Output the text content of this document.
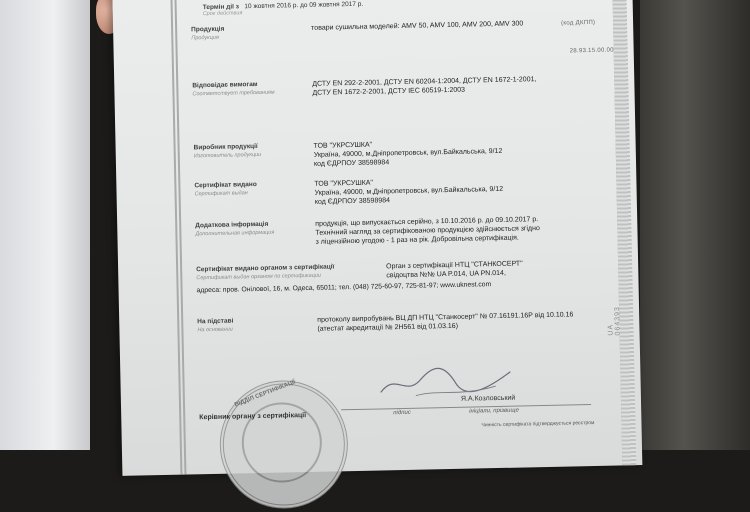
Термін дії з 10 жовтня 2016 р. до 09 жовтня 2017 р.
Срок действия
Продукція
Продукция
товари сушильна моделей: AMV 50, AMV 100, AMV 200, AMV 300	(код ДКПП)
28.93.15.00.00
Відповідає вимогам
Соответствует требованиям
ДСТУ EN 292-2-2001, ДСТУ EN 60204-1:2004, ДСТУ EN 1672-1-2001,
ДСТУ EN 1672-2-2001, ДСТУ IEC 60519-1:2003
Виробник продукції
Изготовитель продукции
ТОВ "УКРСУШКА"
Україна, 49000, м.Дніпропетровськ, вул.Байкальська, 9/12
код ЄДРПОУ 38598984
Сертифікат видано
Сертификат выдан
ТОВ "УКРСУШКА"
Україна, 49000, м.Дніпропетровськ, вул.Байкальська, 9/12
код ЄДРПОУ 38598984
Додаткова інформація
Дополнительная информация
продукція, що випускається серійно, з 10.10.2016 р. до 09.10.2017 р.
Технічний нагляд за сертифікованою продукцією здійснюється згідно
з ліцензійною угодою - 1 раз на рік. Добровільна сертифікація.
Сертифікат видано органом з сертифікації
Сертификат выдан органом по сертификации
Орган з сертифікації НТЦ "СТАНКОСЕРТ"
свідоцтва №№ UA P.014, UA PN.014,
адреса: пров. Онілової, 16, м. Одеса, 65011; тел. (048) 725-60-97, 725-81-97; www.uknest.com
На підставі
На основании
протоколу випробувань ВЦ ДП НТЦ "Станкосерт" № 07.16191.16Р від 10.10.16
(атестат акредитації № 2Н561 від 01.03.16)
ВІДДІЛ СЕРТИФІКАЦІЇ	Я.А.Козловський
підпис	ініціали, прізвище
Керівник органу з сертифікації
Чинність сертифіката підтверджується реєстром
UA 064393
